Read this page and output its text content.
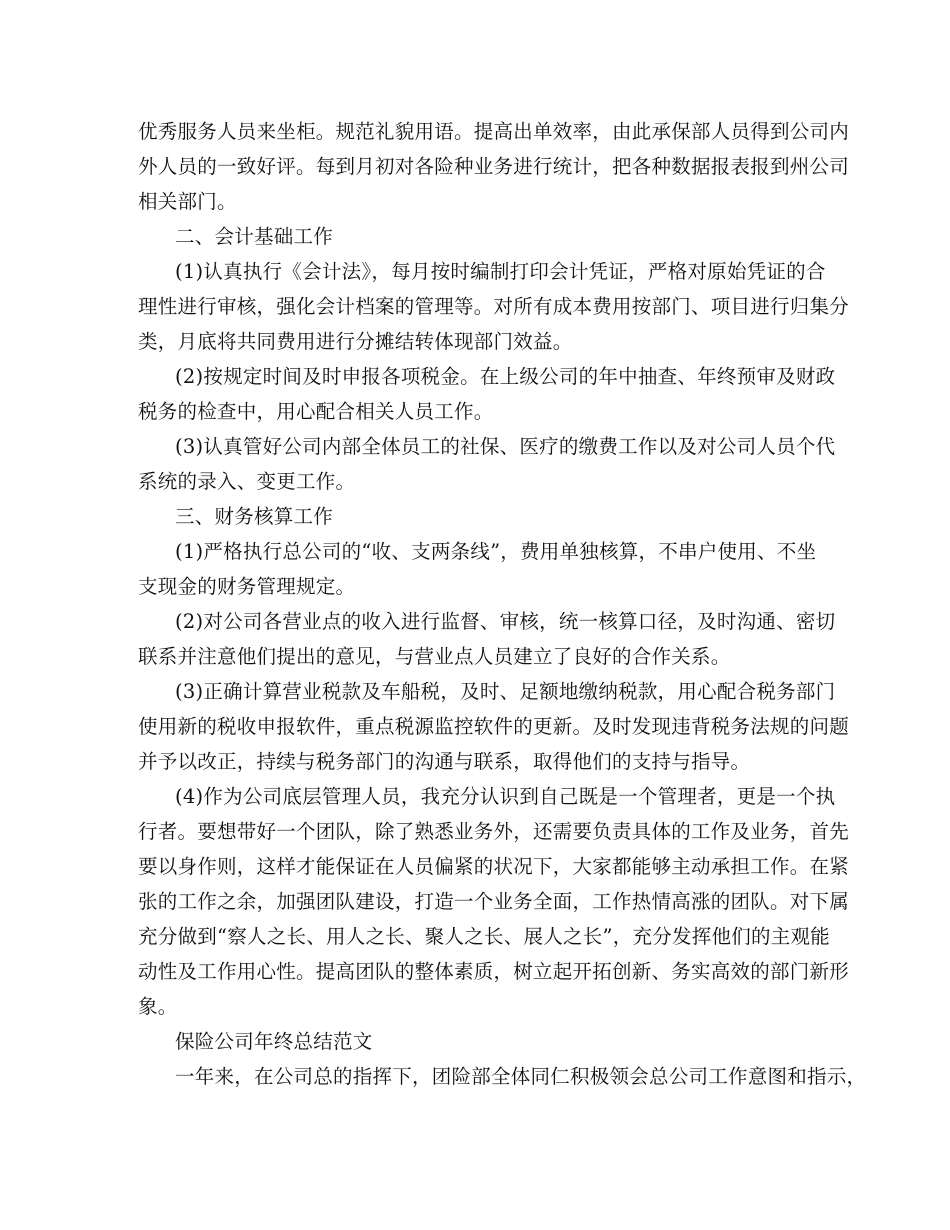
优秀服务人员来坐柜。规范礼貌用语。提高出单效率，由此承保部人员得到公司内
外人员的一致好评。每到月初对各险种业务进行统计，把各种数据报表报到州公司
相关部门。
二、会计基础工作
(1)认真执行《会计法》，每月按时编制打印会计凭证，严格对原始凭证的合
理性进行审核，强化会计档案的管理等。对所有成本费用按部门、项目进行归集分
类，月底将共同费用进行分摊结转体现部门效益。
(2)按规定时间及时申报各项税金。在上级公司的年中抽查、年终预审及财政
税务的检查中，用心配合相关人员工作。
(3)认真管好公司内部全体员工的社保、医疗的缴费工作以及对公司人员个代
系统的录入、变更工作。
三、财务核算工作
(1)严格执行总公司的“收、支两条线”，费用单独核算，不串户使用、不坐
支现金的财务管理规定。
(2)对公司各营业点的收入进行监督、审核，统一核算口径，及时沟通、密切
联系并注意他们提出的意见，与营业点人员建立了良好的合作关系。
(3)正确计算营业税款及车船税，及时、足额地缴纳税款，用心配合税务部门
使用新的税收申报软件，重点税源监控软件的更新。及时发现违背税务法规的问题
并予以改正，持续与税务部门的沟通与联系，取得他们的支持与指导。
(4)作为公司底层管理人员，我充分认识到自己既是一个管理者，更是一个执
行者。要想带好一个团队，除了熟悉业务外，还需要负责具体的工作及业务，首先
要以身作则，这样才能保证在人员偏紧的状况下，大家都能够主动承担工作。在紧
张的工作之余，加强团队建设，打造一个业务全面，工作热情高涨的团队。对下属
充分做到“察人之长、用人之长、聚人之长、展人之长”，充分发挥他们的主观能
动性及工作用心性。提高团队的整体素质，树立起开拓创新、务实高效的部门新形
象。
保险公司年终总结范文
一年来，在公司总的指挥下，团险部全体同仁积极领会总公司工作意图和指示，
